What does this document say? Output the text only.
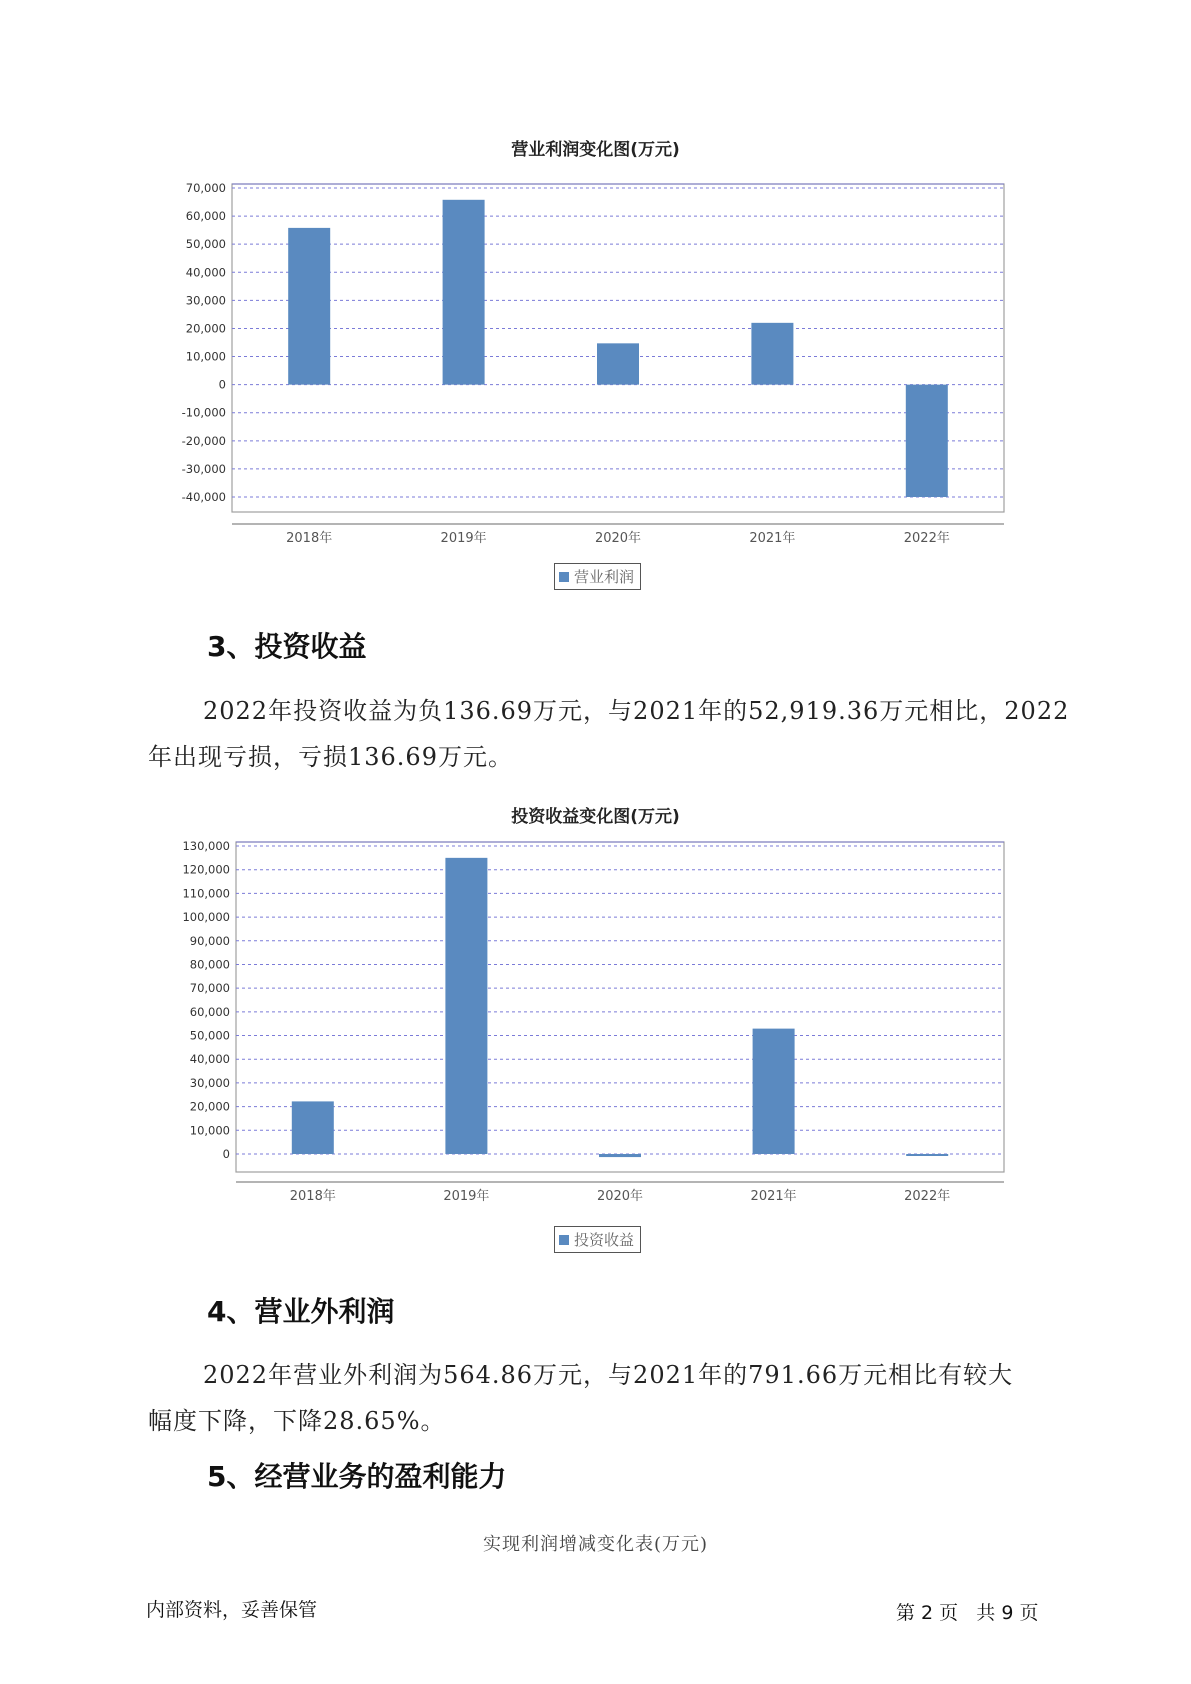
营业利润变化图(万元)
70,000
60,000
50,000
40,000
30,000
20,000
10,000
0
-10,000
-20,000
-30,000
-40,000
2018年	2019年	2020年	2021年	2022年
营业利润
3、投资收益
2022年投资收益为负136.69万元，与2021年的52,919.36万元相比，2022
年出现亏损，亏损136.69万元。
投资收益变化图(万元)
130,000
120,000
110,000
100,000
90,000
80,000
70,000
60,000
50,000
40,000
30,000
20,000
10,000
0
2018年	2019年	2020年	2021年	2022年
投资收益
4、营业外利润
2022年营业外利润为564.86万元，与2021年的791.66万元相比有较大
幅度下降，下降28.65%。
5、经营业务的盈利能力
实现利润增减变化表(万元)
内部资料，妥善保管	第 2 页   共 9 页
